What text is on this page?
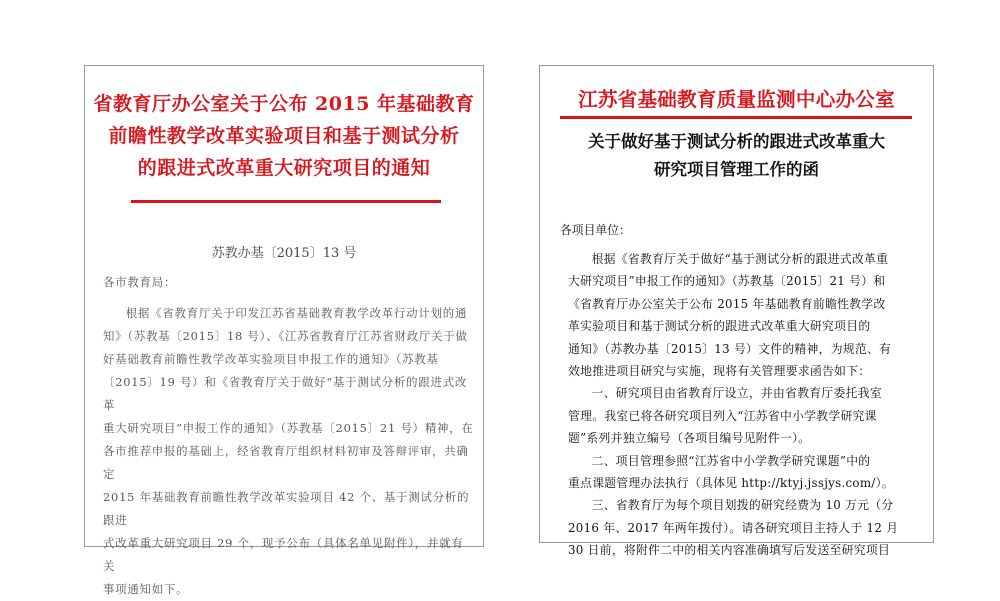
省教育厅办公室关于公布 2015 年基础教育
前瞻性教学改革实验项目和基于测试分析
的跟进式改革重大研究项目的通知
苏教办基〔2015〕13 号

各市教育局：

根据《省教育厅关于印发江苏省基础教育教学改革行动计划的通

知》（苏教基〔2015〕18 号）、《江苏省教育厅江苏省财政厅关于做

好基础教育前瞻性教学改革实验项目申报工作的通知》（苏教基

〔2015〕19 号）和《省教育厅关于做好“基于测试分析的跟进式改革

重大研究项目”申报工作的通知》（苏教基〔2015〕21 号）精神，在

各市推荐申报的基础上，经省教育厅组织材料初审及答辩评审，共确定

2015 年基础教育前瞻性教学改革实验项目 42 个、基于测试分析的跟进

式改革重大研究项目 29 个，现予公布（具体名单见附件），并就有关

事项通知如下。

江苏省基础教育质量监测中心办公室
关于做好基于测试分析的跟进式改革重大
研究项目管理工作的函
各项目单位：

根据《省教育厅关于做好“基于测试分析的跟进式改革重

大研究项目”申报工作的通知》（苏教基〔2015〕21 号）和

《省教育厅办公室关于公布 2015 年基础教育前瞻性教学改

革实验项目和基于测试分析的跟进式改革重大研究项目的

通知》（苏教办基〔2015〕13 号）文件的精神，为规范、有

效地推进项目研究与实施，现将有关管理要求函告如下：

一、研究项目由省教育厅设立，并由省教育厅委托我室

管理。我室已将各研究项目列入“江苏省中小学教学研究课

题”系列并独立编号（各项目编号见附件一）。

二、项目管理参照“江苏省中小学教学研究课题”中的

重点课题管理办法执行（具体见 http://ktyj.jssjys.com/）。

三、省教育厅为每个项目划拨的研究经费为 10 万元（分

2016 年、2017 年两年拨付）。请各研究项目主持人于 12 月

30 日前，将附件二中的相关内容准确填写后发送至研究项目
